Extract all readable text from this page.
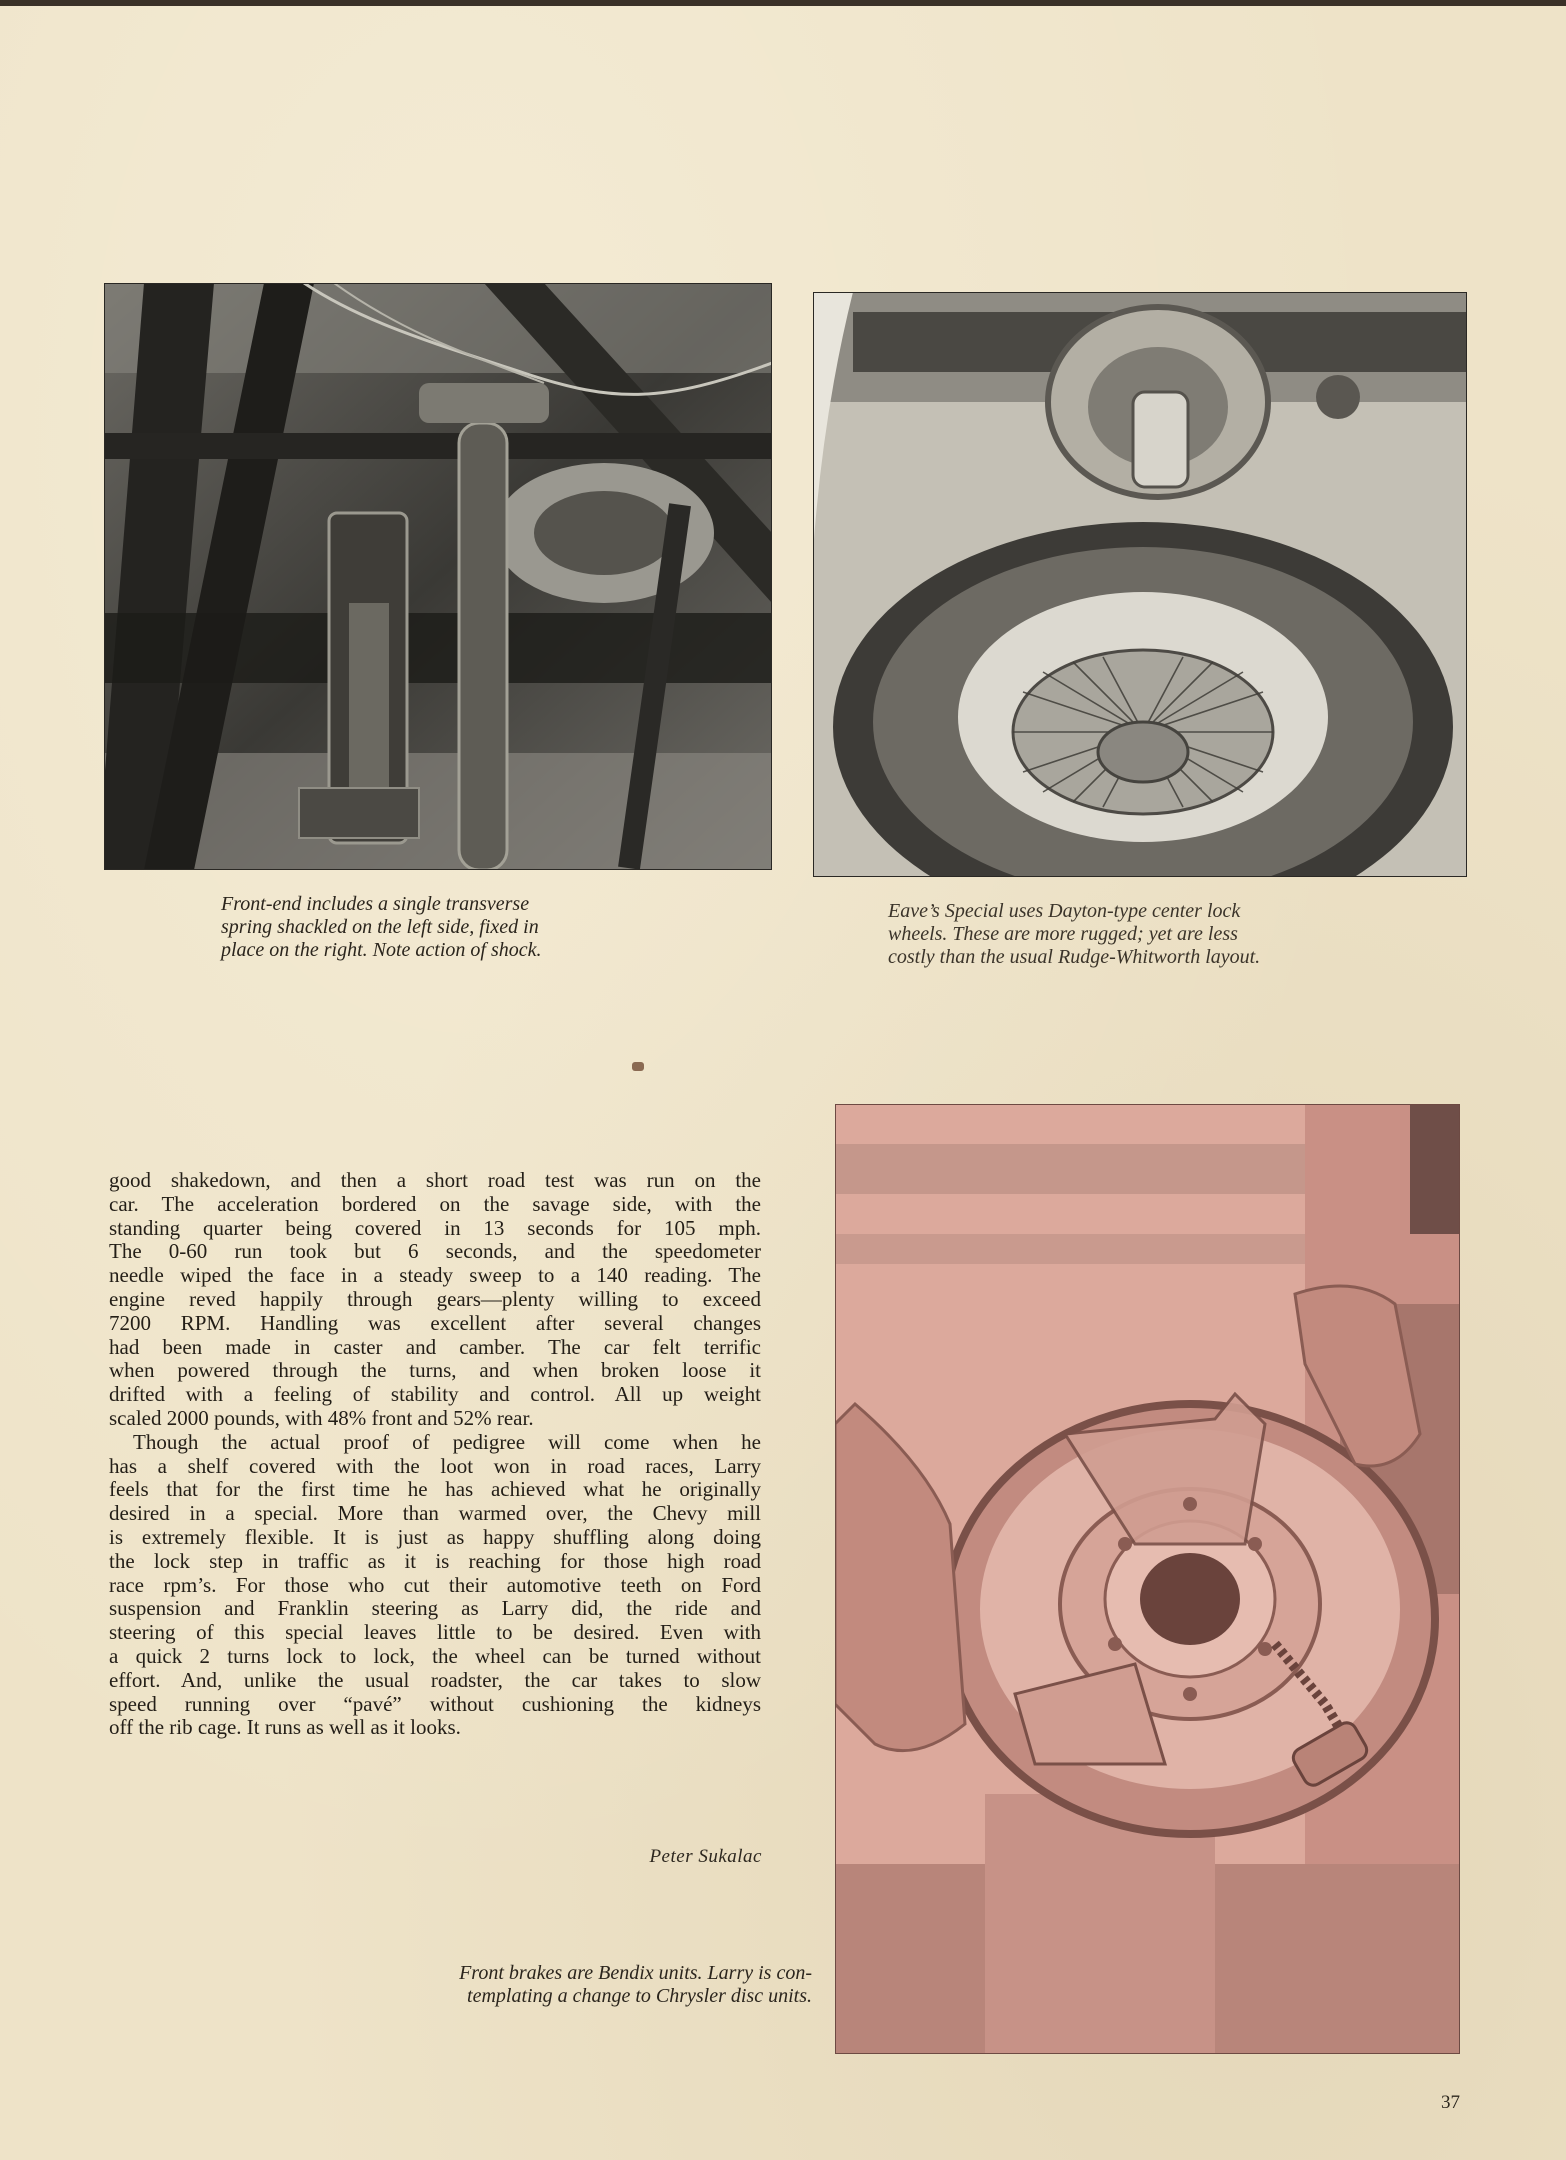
Front-end includes a single transverse
spring shackled on the left side, fixed in
place on the right. Note action of shock.

Eave’s Special uses Dayton-type center lock
wheels. These are more rugged; yet are less
costly than the usual Rudge-Whitworth layout.

Front brakes are Bendix units. Larry is con-
templating a change to Chrysler disc units.

good shakedown, and then a short road test was run on the
car. The acceleration bordered on the savage side, with the
standing quarter being covered in 13 seconds for 105 mph.
The 0-60 run took but 6 seconds, and the speedometer
needle wiped the face in a steady sweep to a 140 reading. The
engine reved happily through gears—plenty willing to exceed
7200 RPM. Handling was excellent after several changes
had been made in caster and camber. The car felt terrific
when powered through the turns, and when broken loose it
drifted with a feeling of stability and control. All up weight
scaled 2000 pounds, with 48% front and 52% rear.
Though the actual proof of pedigree will come when he
has a shelf covered with the loot won in road races, Larry
feels that for the first time he has achieved what he originally
desired in a special. More than warmed over, the Chevy mill
is extremely flexible. It is just as happy shuffling along doing
the lock step in traffic as it is reaching for those high road
race rpm’s. For those who cut their automotive teeth on Ford
suspension and Franklin steering as Larry did, the ride and
steering of this special leaves little to be desired. Even with
a quick 2 turns lock to lock, the wheel can be turned without
effort. And, unlike the usual roadster, the car takes to slow
speed running over “pavé” without cushioning the kidneys
off the rib cage. It runs as well as it looks.

Peter Sukalac

37
